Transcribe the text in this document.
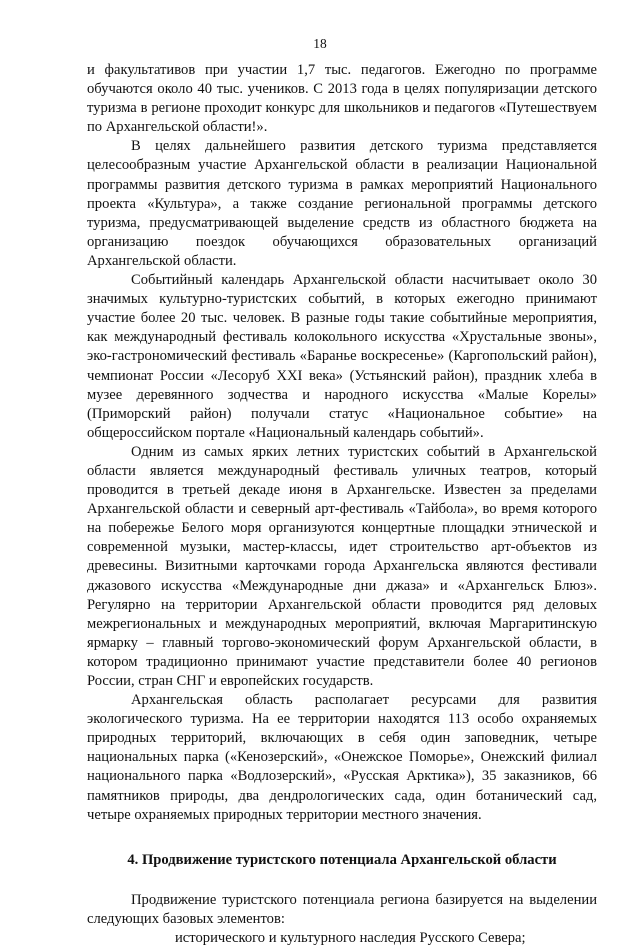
18

и факультативов при участии 1,7 тыс. педагогов. Ежегодно по программе обучаются около 40 тыс. учеников. С 2013 года в целях популяризации детского туризма в регионе проходит конкурс для школьников и педагогов «Путешествуем по Архангельской области!».

В целях дальнейшего развития детского туризма представляется целесообразным участие Архангельской области в реализации Национальной программы развития детского туризма в рамках мероприятий Национального проекта «Культура», а также создание региональной программы детского туризма, предусматривающей выделение средств из областного бюджета на организацию поездок обучающихся образовательных организаций Архангельской области.

Событийный календарь Архангельской области насчитывает около 30 значимых культурно-туристских событий, в которых ежегодно принимают участие более 20 тыс. человек. В разные годы такие событийные мероприятия, как международный фестиваль колокольного искусства «Хрустальные звоны», эко-гастрономический фестиваль «Баранье воскресенье» (Каргопольский район), чемпионат России «Лесоруб XXI века» (Устьянский район), праздник хлеба в музее деревянного зодчества и народного искусства «Малые Корелы» (Приморский район) получали статус «Национальное событие» на общероссийском портале «Национальный календарь событий».

Одним из самых ярких летних туристских событий в Архангельской области является международный фестиваль уличных театров, который проводится в третьей декаде июня в Архангельске. Известен за пределами Архангельской области и северный арт-фестиваль «Тайбола», во время которого на побережье Белого моря организуются концертные площадки этнической и современной музыки, мастер-классы, идет строительство арт-объектов из древесины. Визитными карточками города Архангельска являются фестивали джазового искусства «Международные дни джаза» и «Архангельск Блюз». Регулярно на территории Архангельской области проводится ряд деловых межрегиональных и международных мероприятий, включая Маргаритинскую ярмарку – главный торгово-экономический форум Архангельской области, в котором традиционно принимают участие представители более 40 регионов России, стран СНГ и европейских государств.

Архангельская область располагает ресурсами для развития экологического туризма. На ее территории находятся 113 особо охраняемых природных территорий, включающих в себя один заповедник, четыре национальных парка («Кенозерский», «Онежское Поморье», Онежский филиал национального парка «Водлозерский», «Русская Арктика»), 35 заказников, 66 памятников природы, два дендрологических сада, один ботанический сад, четыре охраняемых природных территории местного значения.

4. Продвижение туристского потенциала Архангельской области

Продвижение туристского потенциала региона базируется на выделении следующих базовых элементов:

исторического и культурного наследия Русского Севера;
